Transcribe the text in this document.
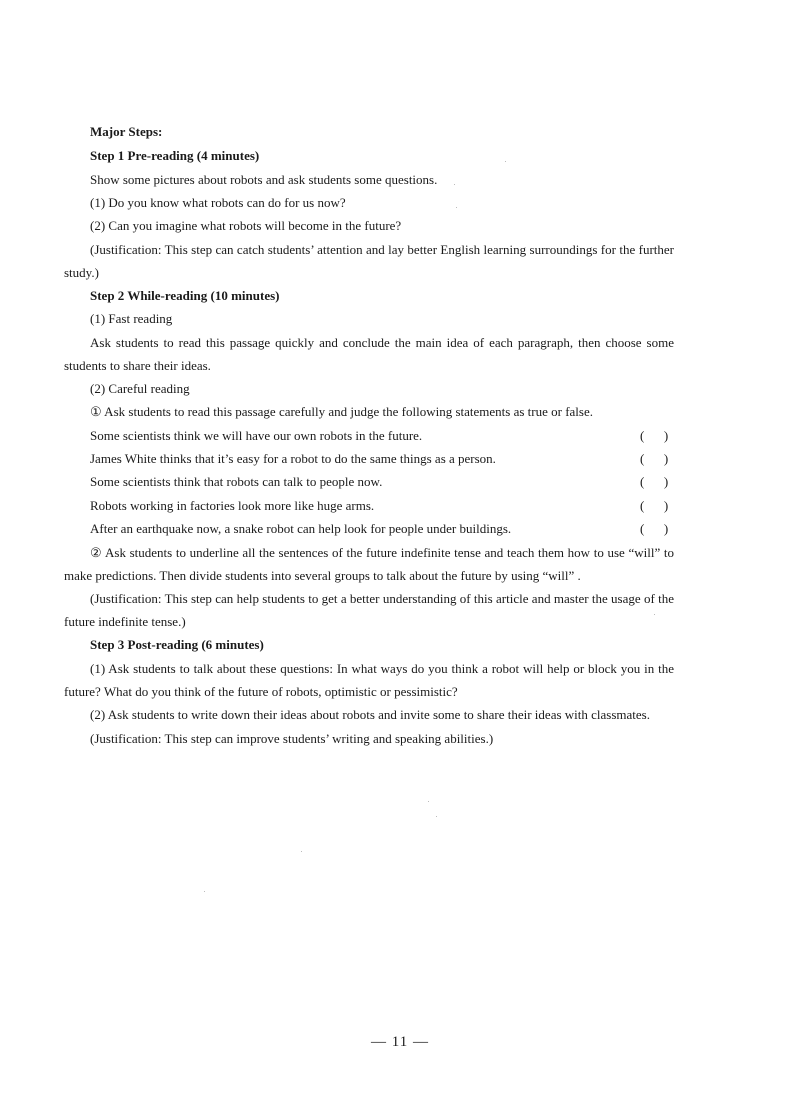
Major Steps:
Step 1 Pre-reading (4 minutes)
Show some pictures about robots and ask students some questions.
(1) Do you know what robots can do for us now?
(2) Can you imagine what robots will become in the future?
(Justification: This step can catch students’ attention and lay better English learning surroundings for the further
study.)
Step 2 While-reading (10 minutes)
(1) Fast reading
Ask students to read this passage quickly and conclude the main idea of each paragraph, then choose some
students to share their ideas.
(2) Careful reading
① Ask students to read this passage carefully and judge the following statements as true or false.
Some scientists think we will have our own robots in the future.	(      )
James White thinks that it’s easy for a robot to do the same things as a person.	(      )
Some scientists think that robots can talk to people now.	(      )
Robots working in factories look more like huge arms.	(      )
After an earthquake now, a snake robot can help look for people under buildings.	(      )
② Ask students to underline all the sentences of the future indefinite tense and teach them how to use “will” to
make predictions. Then divide students into several groups to talk about the future by using “will” .
(Justification: This step can help students to get a better understanding of this article and master the usage of the
future indefinite tense.)
Step 3 Post-reading (6 minutes)
(1) Ask students to talk about these questions: In what ways do you think a robot will help or block you in the
future? What do you think of the future of robots, optimistic or pessimistic?
(2) Ask students to write down their ideas about robots and invite some to share their ideas with classmates.
(Justification: This step can improve students’ writing and speaking abilities.)
— 11 —
